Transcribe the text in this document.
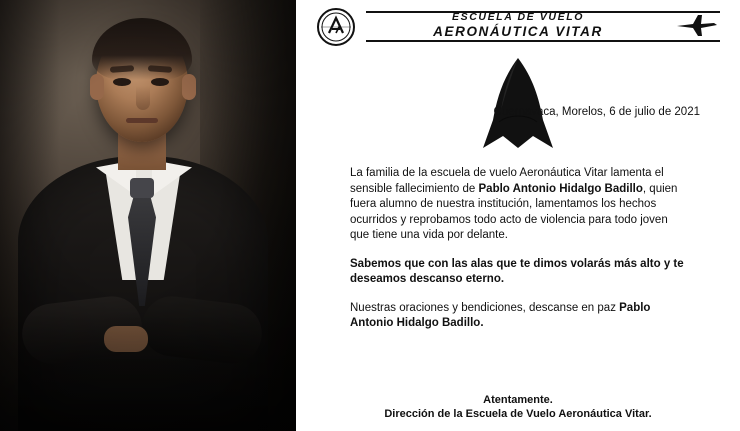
ESCUELA DE VUELO
AERONÁUTICA VITAR
Cuernavaca, Morelos, 6 de julio de 2021

La familia de la escuela de vuelo Aeronáutica Vitar lamenta el sensible fallecimiento de Pablo Antonio Hidalgo Badillo, quien fuera alumno de nuestra institución, lamentamos los hechos ocurridos y reprobamos todo acto de violencia para todo joven que tiene una vida por delante.

Sabemos que con las alas que te dimos volarás más alto y te deseamos descanso eterno.

Nuestras oraciones y bendiciones, descanse en paz Pablo Antonio Hidalgo Badillo.

Atentamente.
Dirección de la Escuela de Vuelo Aeronáutica Vitar.
